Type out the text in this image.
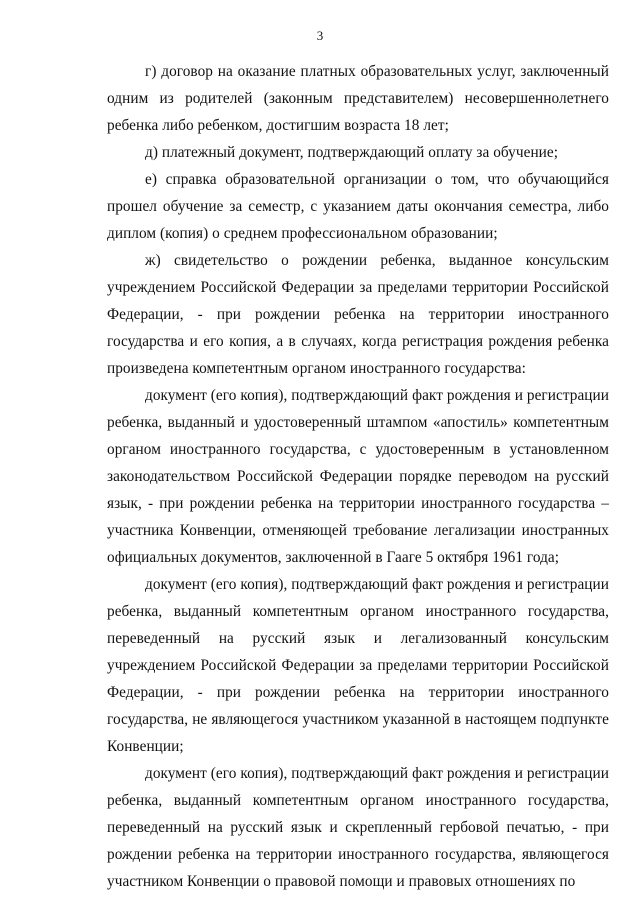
3

г) договор на оказание платных образовательных услуг, заключенный одним из родителей (законным представителем) несовершеннолетнего ребенка либо ребенком, достигшим возраста 18 лет;

д) платежный документ, подтверждающий оплату за обучение;

е) справка образовательной организации о том, что обучающийся прошел обучение за семестр, с указанием даты окончания семестра, либо диплом (копия) о среднем профессиональном образовании;

ж) свидетельство о рождении ребенка, выданное консульским учреждением Российской Федерации за пределами территории Российской Федерации, - при рождении ребенка на территории иностранного государства и его копия, а в случаях, когда регистрация рождения ребенка произведена компетентным органом иностранного государства:

документ (его копия), подтверждающий факт рождения и регистрации ребенка, выданный и удостоверенный штампом «апостиль» компетентным органом иностранного государства, с удостоверенным в установленном законодательством Российской Федерации порядке переводом на русский язык, - при рождении ребенка на территории иностранного государства – участника Конвенции, отменяющей требование легализации иностранных официальных документов, заключенной в Гааге 5 октября 1961 года;

документ (его копия), подтверждающий факт рождения и регистрации ребенка, выданный компетентным органом иностранного государства, переведенный на русский язык и легализованный консульским учреждением Российской Федерации за пределами территории Российской Федерации, - при рождении ребенка на территории иностранного государства, не являющегося участником указанной в настоящем подпункте Конвенции;

документ (его копия), подтверждающий факт рождения и регистрации ребенка, выданный компетентным органом иностранного государства, переведенный на русский язык и скрепленный гербовой печатью, - при рождении ребенка на территории иностранного государства, являющегося участником Конвенции о правовой помощи и правовых отношениях по
